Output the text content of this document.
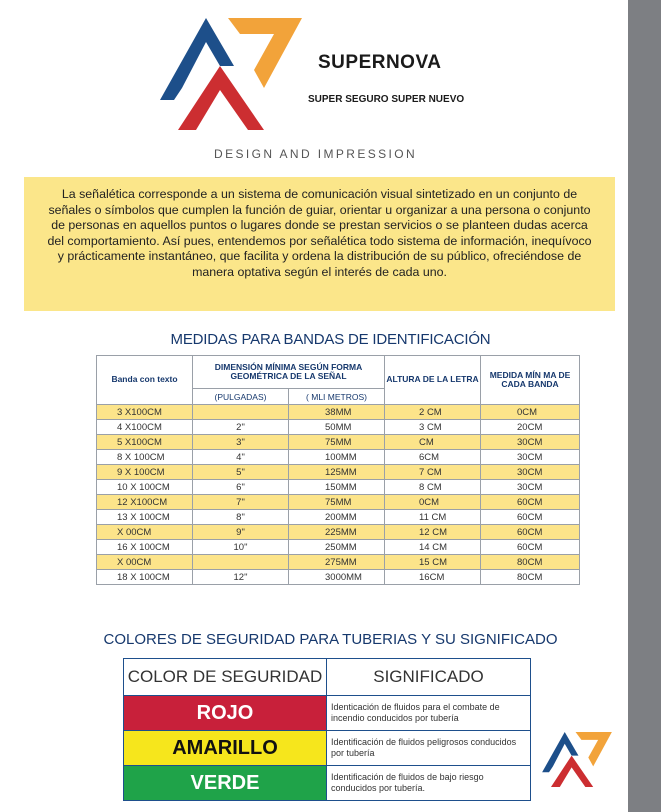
SUPERNOVA
SUPER SEGURO SUPER NUEVO
DESIGN AND IMPRESSION

La señalética corresponde a un sistema de comunicación visual sintetizado en un conjunto de señales o símbolos que cumplen la función de guiar, orientar u organizar a una persona o conjunto de personas en aquellos puntos o lugares donde se prestan servicios o se planteen dudas acerca del comportamiento. Así pues, entendemos por señalética todo sistema de información, inequívoco y prácticamente instantáneo, que facilita y ordena la distribución de su público, ofreciéndose de manera optativa según el interés de cada uno.

MEDIDAS PARA BANDAS DE IDENTIFICACIÓN
Banda con texto	DIMENSIÓN MÍNIMA SEGÚN FORMA GEOMÉTRICA DE LA SEÑAL		ALTURA DE LA LETRA	MEDIDA MÍN MA DE CADA BANDA
	(PULGADAS)	( MLI METROS)		
3 X100CM		38MM	2 CM	0CM
4 X100CM	2"	50MM	3 CM	20CM
5 X100CM	3"	75MM	CM	30CM
8 X 100CM	4"	100MM	6CM	30CM
9 X 100CM	5"	125MM	7 CM	30CM
10 X 100CM	6"	150MM	8 CM	30CM
12 X100CM	7"	75MM	0CM	60CM
13 X 100CM	8"	200MM	11 CM	60CM
X 00CM	9"	225MM	12 CM	60CM
16 X 100CM	10"	250MM	14 CM	60CM
X 00CM		275MM	15 CM	80CM
18 X 100CM	12"	3000MM	16CM	80CM
COLORES DE SEGURIDAD PARA TUBERIAS Y SU SIGNIFICADO
COLOR DE SEGURIDAD	SIGNIFICADO
ROJO	Identicación de fluidos para el combate de incendio conducidos por tubería
AMARILLO	Identificación de fluidos peligrosos conducidos por tubería
VERDE	Identificación de fluidos de bajo riesgo conducidos por tubería.
